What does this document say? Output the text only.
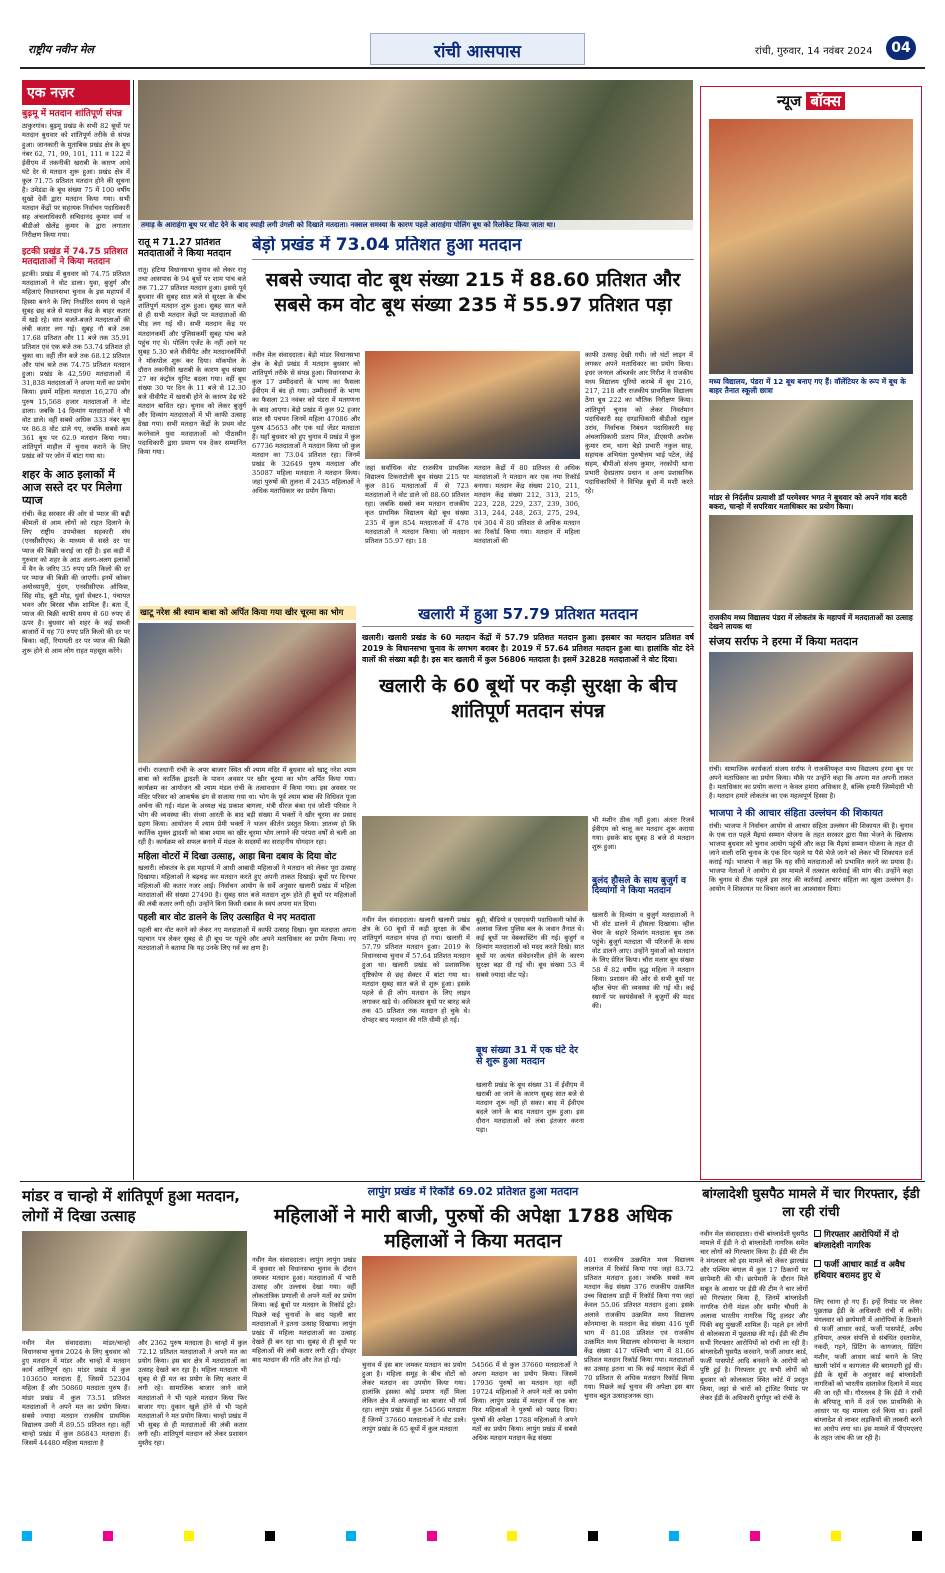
राष्ट्रीय नवीन मेल	रांची आसपास	रांची, गुरुवार, 14 नवंबर 2024	04
एक नज़र
बुढ़मू में मतदान शांतिपूर्ण संपन्न
ठाकुरगांव। बुढ़मू प्रखंड के सभी 82 बूथों पर मतदान बुधवार को शांतिपूर्ण तरीके से संपन्न हुआ। जानकारी के मुताबिक प्रखंड क्षेत्र के बूथ नंबर 62, 71, 99, 101, 111 व 122 में ईवीएम में तकनीकी खराबी के कारण आधे घंटे देर से मतदान शुरू हुआ। प्रखंड क्षेत्र में कुल 71.75 प्रतिशत मतदान होने की सूचना है। उमेडंडा के बूथ संख्या 75 में 100 वर्षीय सुखो देवी द्वारा मतदान किया गया। सभी मतदान केंद्रों पर सहायक निर्वाचन पदाधिकारी सह अंचलाधिकारी सचिदानंद कुमार वर्मा व बीडीओ खेलेंद्र कुमार के द्वारा लगातार निरीक्षण किया गया।
इटकी प्रखंड में 74.75 प्रतिशत मतदाताओं ने किया मतदान
इटकी। प्रखंड में बुधवार को 74.75 प्रतिशत मतदाताओं ने वोट डाला। युवा, बुजुर्ग और महिलाएं विधानसभा चुनाव के इस महापर्व में हिस्सा बनने के लिए निर्धारित समय से पहले सुबह छह बजे से मतदान केंद्र के बाहर कतार में खड़े रहे। सात बजते-बजते मतदाताओं की लंबी कतार लग गई। सुबह नौ बजे तक 17.68 प्रतिशत और 11 बजे तक 35.91 प्रतिशत एवं एक बजे तक 53.74 प्रतिशत हो चुका था। वहीं तीन बजे तक 68.12 प्रतिशत और पांच बजे तक 74.75 प्रतिशत मतदान हुआ। प्रखंड के 42,590 मतदाताओं में 31,838 मतदाताओं ने अपना मतों का प्रयोग किया। इसमें महिला मतदाता 16,270 और पुरुष 15,568 हजार मतदाताओं ने वोट डाला। जबकि 14 दिव्यांग मतदाताओं ने भी वोट डाले। वहीं सबसे अधिक 333 नंबर बूथ पर 86.8 वोट डाले गए, जबकि सबसे कम 361 बूथ पर 62.9 मतदान किया गया। शांतिपूर्ण माहौल में चुनाव कराने के लिए प्रखंड को पर जोन में बांटा गया था।
शहर के आठ इलाकों में आज सस्ते दर पर मिलेगा प्याज
रांची। केंद्र सरकार की ओर से प्याज की बढ़ी कीमतों से आम लोगों को राहत दिलाने के लिए राष्ट्रीय उपभोक्ता सहकारी संघ (एनसीसीएफ) के माध्यम से सस्ते दर पर प्याज की बिक्री कराई जा रही है। इस कड़ी में गुरुवार को शहर के आठ अलग-अलग इलाकों में वैन के जरिए 35 रुपए प्रति किलो की दर पर प्याज की बिक्री की जाएगी। इनमें कोकर अयोध्यापुरी, पुंदग, एनसीसीएफ ऑफिस, सिंह मोड़, बूटी मोड़, धुर्वा सेक्टर-1, पंचायत भवन और बिरसा चौक शामिल हैं। बता दें, प्याज की बिक्री काफी समय से 60 रुपए से ऊपर है। बुधवार को शहर के कई सब्जी बाजारों में यह 70 रुपए प्रति किलो की दर पर बिका। वहीं, रियायती दर पर प्याज की बिक्री शुरू होने से आम लोग राहत महसूस करेंगे।
तमाड़ के आराहंगा बूथ पर वोट देने के बाद स्याही लगी उंगली को दिखाते मतदाता। नक्सल समस्या के कारण पहले आराहंगा पोलिंग बूथ को रिलोकेट किया जाता था।
रातू में 71.27 प्रतिशत मतदाताओं ने किया मतदान
रातू। हटिया विधानसभा चुनाव को लेकर रातू तथा आसपास के 94 बूथों पर शाम पांच बजे तक 71.27 प्रतिशत मतदान हुआ। इससे पूर्व बुधवार की सुबह सात बजे से सुरक्षा के बीच शांतिपूर्ण मतदान शुरू हुआ। सुबह सात बजे से ही सभी मतदान केंद्रों पर मतदाताओं की भीड़ लग गई थी। सभी मतदान केंद्र पर मतदानकर्मी और पुलिसकर्मी सुबह पांच बजे पहुंच गए थे। पोलिंग एजेंट के नहीं आने पर सुबह 5.30 बजे वीवीपैट और मतदानकर्मियों ने मॉकपोल शुरू कर दिया। मॉकपोल के दौरान तकनीकी खराबी के कारण बूथ संख्या 27 का कंट्रोल यूनिट बदला गया। वहीं बूथ संख्या 30 पर दिन के 11 बजे से 12.30 बजे वीवीपैट में खराबी होने के कारण डेढ़ घंटे मतदान बाधित रहा। चुनाव को लेकर बुजुर्ग और दिव्यांग मतदाताओं में भी काफी उत्साह देखा गया। सभी मतदान केंद्रों के प्रथम वोट करनेवाले युवा मतदाताओं को पीठासीन पदाधिकारी द्वारा प्रमाण पत्र देकर सम्मानित किया गया।
बेड़ो प्रखंड में 73.04 प्रतिशत हुआ मतदान
सबसे ज्यादा वोट बूथ संख्या 215 में 88.60 प्रतिशत और सबसे कम वोट बूथ संख्या 235 में 55.97 प्रतिशत पड़ा
नवीन मेल संवाददाता। बेड़ो मांडर विधानसभा क्षेत्र के बेड़ो प्रखंड में मतदान बुधवार को शांतिपूर्ण तरीके से संपन्न हुआ। विधानसभा के कुल 17 उम्मीदवारों के भाग्य का फैसला ईवीएम में बंद हो गया। उम्मीदवारों के भाग्य का फैसला 23 नवंबर को पंडरा में मतगणना के बाद आएगा। बेड़ो प्रखंड में कुल 92 हजार सात सौ पचपन जिनमें महिला 47086 और पुरुष 45653 और एक थर्ड जेंडर मतदाता हैं। यहाँ बुधवार को हुए चुनाव में प्रखंड में कुल 67736 मतदाताओं ने मतदान किया जो कुल मतदान का 73.04 प्रतिशत रहा। जिनमें प्रखंड के 32649 पुरुष मतदाता और 35087 महिला मतदाता ने मतदान किया। जहां पुरुषों की तुलना में 2435 महिलाओं ने अधिक मताधिकार का प्रयोग किया।
जहां सर्वाधिक वोट राजकीय प्राथमिक विद्यालय टिकराटोली बूथ संख्या 215 पर कुल 816 मतदाताओं में से 723 मतदाताओं ने वोट डाले जो 88.60 प्रतिशत रहा। जबकि सबसे कम मतदान राजकीय कृत प्राथमिक विद्यालय बेड़ो बूथ संख्या 235 में कुल 854 मतदाताओं में 478 मतदाताओं ने मतदान किया। जो मतदान प्रतिशत 55.97 रहा। 18
मतदान केंद्रों में 80 प्रतिशत से अधिक मतदाताओं ने मतदान कर एक नया रिकॉर्ड बनाया। मतदान केंद्र संख्या 210, 211, मतदान केंद्र संख्या 212, 313, 215, 223, 228, 229, 237, 239, 306, 313, 244, 248, 263, 275, 294, एवं 304 में 80 प्रतिशत से अधिक मतदान का रिकॉर्ड किया गया। मतदान में महिला मतदाताओं की
काफी उत्साह देखी गयी। जो घंटों लाइन में लगकर अपने मताधिकार का प्रयोग किया। इधर जनरल ऑब्जर्वर आर गिरीश ने राजकीय मध्य विद्यालय पुरियो करम्बे में बूथ 216, 217, 218 और राजकीय प्राथमिक विद्यालय ठेंगा बूथ 222 का भौतिक निरीक्षण किया। शांतिपूर्ण चुनाव को लेकर निवर्तमान पदाधिकारी सह दण्डाधिकारी बीडीओ राहुल उरांव, निर्वाचक निबंधन पदाधिकारी सह अंचलाधिकारी प्रताप मिंज, डीएसपी अशोक कुमार राम, थाना बेड़ो प्रभारी नकुल साह, सहायक अभियंता पुरुषोत्तम भाई पटेल, जेई सहम, बीपीओ संजय कुमार, नरकोपी थाना प्रभारी देवप्रताप प्रधान व अन्य प्रशासनिक पदाधिकारियों ने विभिन्न बूथों में मशी करते रहे।
खाटू नरेश श्री श्याम बाबा को अर्पित किया गया खीर चूरमा का भोग
रांची। राजधानी रांची के अपर बाजार स्थित श्री श्याम मंदिर में बुधवार को खाटू नरेश श्याम बाबा को कार्तिक द्वादशी के पावन अवसर पर खीर चूरमा का भोग अर्पित किया गया। कार्यक्रम का आयोजन श्री श्याम मंडल रांची के तत्वावधान में किया गया। इस अवसर पर मंदिर परिसर को आकर्षक ढंग से सजाया गया था। भोग के पूर्व श्याम बाबा की विधिवत पूजा अर्चना की गई। मंडल के अध्यक्ष चंद्र प्रकाश बागला, मंत्री धीरज बंका एवं जोशी परिवार ने भोग की व्यवस्था की। संध्या आरती के बाद बड़ी संख्या में भक्तों ने खीर चूरमा का प्रसाद ग्रहण किया। आयोजन में श्याम प्रेमी भक्तों ने भजन कीर्तन प्रस्तुत किया। ज्ञातव्य हो कि कार्तिक शुक्ल द्वादशी को बाबा श्याम का खीर चूरमा भोग लगाने की परंपरा वर्षों से चली आ रही है। कार्यक्रम को सफल बनाने में मंडल के सदस्यों का सराहनीय योगदान रहा।
महिला वोटरों में दिखा उत्साह, आहा बिना दबाव के दिया वोट
खलारी। लोकतंत्र के इस महापर्व में आधी आबादी महिलाओं ने मतदान को लेकर पूरा उत्साह दिखाया। महिलाओं ने बढ़चढ़ कर मतदान करते हुए अपनी ताकत दिखाई। बूथों पर दिनभर महिलाओं की कतार नजर आई। निर्वाचन आयोग के सर्वे अनुसार खलारी प्रखंड में महिला मतदाताओं की संख्या 27490 है। सुबह सात बजे मतदान शुरू होते ही बूथों पर महिलाओं की लंबी कतार लगी रही। उन्होंने बिना किसी दबाव के स्वयं अपना मत दिया।
पहली बार वोट डालने के लिए उत्साहित थे नए मतदाता
पहली बार वोट करने को लेकर नए मतदाताओं में काफी उत्साह दिखा। युवा मतदाता अपना पहचान पत्र लेकर सुबह से ही बूथ पर पहुंचे और अपने मताधिकार का प्रयोग किया। नए मतदाताओं ने बताया कि यह उनके लिए गर्व का क्षण है।
खलारी में हुआ 57.79 प्रतिशत मतदान
खलारी। खलारी प्रखंड के 60 मतदान केंद्रों में 57.79 प्रतिशत मतदान हुआ। इसबार का मतदान प्रतिशत वर्ष 2019 के विधानसभा चुनाव के लगभग बराबर है। 2019 में 57.64 प्रतिशत मतदान हुआ था। हालांकि वोट देने वालों की संख्या बढ़ी है। इस बार खलारी में कुल 56806 मतदाता है। इसमें 32828 मतदाताओं ने वोट दिया।
खलारी के 60 बूथों पर कड़ी सुरक्षा के बीच शांतिपूर्ण मतदान संपन्न
नवीन मेल संवाददाता। खलारी खलारी प्रखंड क्षेत्र के 60 बूथों में कड़ी सुरक्षा के बीच शांतिपूर्ण मतदान संपन्न हो गया। खलारी में 57.79 प्रतिशत मतदान हुआ। 2019 के विधानसभा चुनाव में 57.64 प्रतिशत मतदान हुआ था। खलारी प्रखंड को प्रशासनिक दृष्टिकोण से छह सेक्टर में बांटा गया था। मतदान सुबह सात बजे से शुरू हुआ। इसके पहले से ही लोग मतदान के लिए लाइन लगाकर खड़े थे। अधिकतर बूथों पर बारह बजे तक 45 प्रतिशत तक मतदान हो चुके थे। दोपहर बाद मतदान की गति धीमी हो गई।
बुढ़ी, बीडियो व एसएसपी पदाधिकारी फोर्स के अलावा जिला पुलिस बल के जवान तैनात थे। कई बूथों पर वेबकास्टिंग की गई। बुजुर्ग व दिव्यांग मतदाताओं को मदद करते दिखे। सात बूथों पर अत्यंत संवेदनशील होने के कारण सुरक्षा बढ़ा दी गई थी। बूथ संख्या 53 में सबसे ज्यादा वोट पड़े।
बूथ संख्या 31 में एक घंटे देर से शुरू हुआ मतदान
खलारी प्रखंड के बूथ संख्या 31 में ईवीएम में खराबी आ जाने के कारण सुबह सात बजे से मतदान शुरू नहीं हो सका। बाद में ईवीएम बदले जाने के बाद मतदान शुरू हुआ। इस दौरान मतदाताओं को लंबा इंतजार करना पड़ा।
भी मशीन ठीक नहीं हुआ। अंततः रिजर्व ईवीएम को चालू कर मतदान शुरू कराया गया। इसके बाद सुबह 8 बजे से मतदान शुरू हुआ।
बुलंद हौसले के साथ बुजुर्ग व दिव्यांगों ने किया मतदान
खलारी के दिव्यांग व बुजुर्ग मतदाताओं ने भी वोट डालने में हौसला दिखाया। व्हील चेयर के सहारे दिव्यांग मतदाता बूथ तक पहुंचे। बुजुर्ग मतदाता भी परिजनों के साथ वोट डालने आए। उन्होंने युवाओं को मतदान के लिए प्रेरित किया। चौरा मलार बूथ संख्या 58 में 82 वर्षीय वृद्ध महिला ने मतदान किया। प्रशासन की ओर से सभी बूथों पर व्हील चेयर की व्यवस्था की गई थी। कई स्थानों पर स्वयंसेवकों ने बुजुर्गों की मदद की।
न्यूज बॉक्स
मध्य विद्यालय, पंडरा में 12 बूथ बनाए गए हैं। वॉलेंटियर के रूप में बूथ के बाहर तैनात स्कूली छात्रा
मांडर से निर्दलीय प्रत्याशी डॉ परमेश्वर भगत ने बुधवार को अपने गांव बदरी बकरा, चान्हो में सपरिवार मताधिकार का प्रयोग किया।
राजकीय मध्य विद्यालय पंडरा में लोकतंत्र के महापर्व में मतदाताओं का उत्साह देखने लायक था
संजय सर्राफ ने हरमा में किया मतदान
रांची। सामाजिक कार्यकर्ता संजय सर्राफ ने राजकीयकृत मध्य विद्यालय हरमा बूथ पर अपने मताधिकार का प्रयोग किया। मौके पर उन्होंने कहा कि अपना मत अपनी ताकत है। मताधिकार का प्रयोग करना न केवल हमारा अधिकार है, बल्कि हमारी जिम्मेदारी भी है। मतदान हमारे लोकतंत्र का एक महत्वपूर्ण हिस्सा है।
भाजपा ने की आचार संहिता उल्लंघन की शिकायत
रांची। भाजपा ने निर्वाचन आयोग से आचार संहिता उल्लंघन की शिकायत की है। चुनाव के एक रात पहले मैइयां सम्मान योजना के तहत सरकार द्वारा पैसा भेजने के खिलाफ भाजपा बुधवार को चुनाव आयोग पहुंची और कहा कि मैइयां सम्मान योजना के तहत दी जाने वाली राशि चुनाव के एक दिन पहले या पैसे भेजे जाने को लेकर भी शिकायत दर्ज कराई गई। भाजपा ने कहा कि यह सीधे मतदाताओं को प्रभावित करने का प्रयास है। भाजपा नेताओं ने आयोग से इस मामले में तत्काल कार्रवाई की मांग की। उन्होंने कहा कि चुनाव से ठीक पहले इस तरह की कार्रवाई आचार संहिता का खुला उल्लंघन है। आयोग ने शिकायत पर विचार करने का आश्वासन दिया।
मांडर व चान्हो में शांतिपूर्ण हुआ मतदान, लोगों में दिखा उत्साह
नवीन मेल संवाददाता। मांडर/चान्हो विधानसभा चुनाव 2024 के लिए बुधवार को हुए मतदान में मांडर और चान्हो में मतदान कार्य शांतिपूर्ण रहा। मांडर प्रखंड में कुल 103650 मतदाता हैं, जिसमें 52304 महिला हैं और 50860 मतदाता पुरुष हैं। मांडर प्रखंड में कुल 73.51 प्रतिशत मतदाताओं ने अपने मत का प्रयोग किया। सबसे ज्यादा मतदान राजकीय प्राथमिक विद्यालय उमरी में 89.55 प्रतिशत रहा। वहीं चान्हो प्रखंड में कुल 86843 मतदाता हैं। जिसमें 44480 महिला मतदाता है
और 2362 पुरुष मतदाता है। चान्हो में कुल 72.12 प्रतिशत मतदाताओं ने अपने मत का प्रयोग किया। इस बार क्षेत्र में मतदाताओं का उत्साह देखते बन रहा है। महिला मतदाता भी सुबह से ही मत का प्रयोग के लिए कतार में लगी रहे। सामाजिक बाजार जाने वाले मतदाताओं ने भी पहले मतदान किया फिर बाजार गए। दुकान खुले होने से भी पहले मतदाताओं ने मत प्रयोग किया। चान्हो प्रखंड में भी सुबह से ही मतदाताओं की लंबी कतार लगी रही। शांतिपूर्ण मतदान को लेकर प्रशासन मुस्तैद रहा।
लापुंग प्रखंड में रिकॉर्ड 69.02 प्रतिशत हुआ मतदान
महिलाओं ने मारी बाजी, पुरुषों की अपेक्षा 1788 अधिक महिलाओं ने किया मतदान
नवीन मेल संवाददाता। लापुंग लापुंग प्रखंड में बुधवार को विधानसभा चुनाव के दौरान जमकर मतदान हुआ। मतदाताओं में भारी उत्साह और उल्लास देखा गया। वहीं लोकतांत्रिक प्रणाली से अपने मतों का प्रयोग किया। कई बूथों पर मतदान के रिकॉर्ड टूटे। पिछले कई चुनावों के बाद पहली बार मतदाताओं ने इतना उत्साह दिखाया। लापुंग प्रखंड में महिला मतदाताओं का उत्साह देखते ही बन रहा था। सुबह से ही बूथों पर महिलाओं की लंबी कतार लगी रही। दोपहर बाद मतदान की गति और तेज हो गई।
चुनाव में इस बार जमकर मतदान का प्रयोग हुआ है। महिला समूह के बीच वोटों को लेकर मतदान का उपयोग किया गया। हालांकि इसका कोई प्रमाण नहीं मिला लेकिन क्षेत्र में अफवाहों का बाजार भी गर्म रहा। लापुंग प्रखंड में कुल 54566 मतदाता हैं जिनमें 37660 मतदाताओं ने वोट डाले। लापुंग प्रखंड के 65 बूथों में कुल मतदाता
54566 में से कुल 37660 मतदाताओं ने अपना मतदान का प्रयोग किया। जिसमें 17936 पुरुषों का मतदान रहा वहीं 19724 महिलाओं ने अपने मतों का प्रयोग किया। लापुंग प्रखंड में मतदान में एक बार फिर महिलाओं ने पुरुषों को पछाड़ दिया। पुरुषों की अपेक्षा 1788 महिलाओं ने अपने मतों का प्रयोग किया। लापुंग प्रखंड में सबसे अधिक मतदान मतदान केंद्र संख्या
401 राजकीय उत्क्रमित मध्य विद्यालय लालगंज में रिकॉर्ड किया गया जहां 83.72 प्रतिशत मतदान हुआ। जबकि सबसे कम मतदान केंद्र संख्या 376 राजकीय उत्क्रमित उच्च विद्यालय डाड़ी में रिकॉर्ड किया गया जहां केवल 55.06 प्रतिशत मतदान हुआ। इसके अलावे राजकीय उत्क्रमित मध्य विद्यालय कोनमान्दा के मतदान केंद्र संख्या 416 पूर्वी भाग में 81.08 प्रतिशत एवं राजकीय उत्क्रमित मध्य विद्यालय कोनमान्दा के मतदान केंद्र संख्या 417 पश्चिमी भाग में 81.66 प्रतिशत मतदान रिकॉर्ड किया गया। मतदाताओं का उत्साह इतना था कि कई मतदान केंद्रों में 70 प्रतिशत से अधिक मतदान रिकॉर्ड किया गया। पिछले कई चुनाव की अपेक्षा इस बार चुनाव बहुत उत्साहजनक रहा।
बांग्लादेशी घुसपैठ मामले में चार गिरफ्तार, ईडी ला रही रांची
नवीन मेल संवाददाता। रांची बांग्लादेशी घुसपैठ मामले में ईडी ने दो बांग्लादेशी नागरिक समेत चार लोगों को गिरफ्तार किया है। ईडी की टीम ने मंगलवार को इस मामले को लेकर झारखंड और पश्चिम बंगाल में कुल 17 ठिकानों पर छापेमारी की थी। छापेमारी के दौरान मिले सबूत के आधार पर ईडी की टीम ने चार लोगों को गिरफ्तार किया है, जिनमें बांग्लादेशी नागरिक रोनी मंडल और समीर चौधरी के अलावा भारतीय नागरिक पिंटू हलदर और पिंकी बसु मुखर्जी शामिल हैं। पहले इन लोगों से कोलकाता में पूछताछ की गई। ईडी की टीम सभी गिरफ्तार आरोपियों को रांची ला रही है। बांग्लादेशी घुसपैठ करवाने, फर्जी आधार कार्ड, फर्जी पासपोर्ट आदि बनवाने के आरोपी को पुष्टि हुई है। गिरफ्तार हुए सभी लोगों को बुधवार को कोलकाता स्थित कोर्ट में प्रस्तुत किया, जहां से चारों को ट्रांजिट रिमांड पर लेकर ईडी के अधिकारी दुर्गापुर को रांची के
गिरफ्तार आरोपियों में दो बांग्लादेशी नागरिक
फर्जी आधार कार्ड व अवैध हथियार बरामद हुए थे
लिए रवाना हो गए हैं। इन्हें रिमांड पर लेकर पूछताछ ईडी के अधिकारी रांची में करेंगे। मंगलवार को छापेमारी में आरोपियों के ठिकाने से फर्जी आधार कार्ड, फर्जी पासपोर्ट, अवैध हथियार, अचल संपत्ति से संबंधित दस्तावेज, नकदी, गहने, प्रिंटिंग के कागजात, प्रिंटिंग मशीन, फर्जी आधार कार्ड बनाने के लिए खाली फॉर्म व कागजात की बरामदगी हुई थी। ईडी के सूत्रों के अनुसार कई बांग्लादेशी नागरिकों को भारतीय दस्तावेज दिलाने में मदद की जा रही थी। गौरतलब है कि ईडी ने रांची के बरियातू थाने में दर्ज एक प्राथमिकी के आधार पर यह मामला दर्ज किया था। इसमें बांग्लादेश से लाकर लड़कियों की तस्करी करने का आरोप लगा था। इस मामले में पीएमएलए के तहत जांच की जा रही है।
